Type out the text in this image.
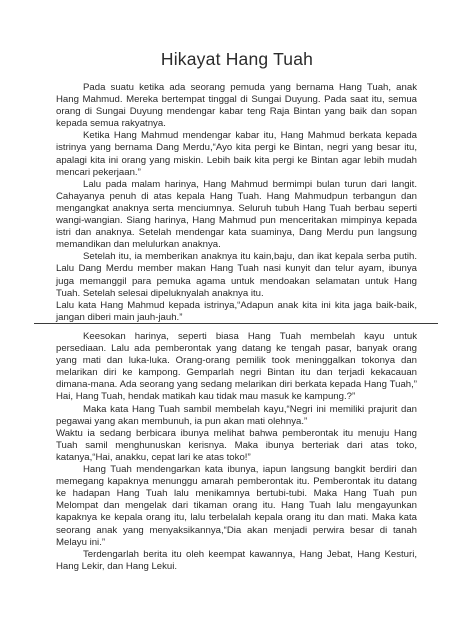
Hikayat Hang Tuah

Pada suatu ketika ada seorang pemuda yang bernama Hang Tuah, anak Hang Mahmud. Mereka bertempat tinggal di Sungai Duyung. Pada saat itu, semua orang di Sungai Duyung mendengar kabar teng Raja Bintan yang baik dan sopan kepada semua rakyatnya.

Ketika Hang Mahmud mendengar kabar itu, Hang Mahmud berkata kepada istrinya yang bernama Dang Merdu,“Ayo kita pergi ke Bintan, negri yang besar itu, apalagi kita ini orang yang miskin. Lebih baik kita pergi ke Bintan agar lebih mudah mencari pekerjaan.”

Lalu pada malam harinya, Hang Mahmud bermimpi bulan turun dari langit. Cahayanya penuh di atas kepala Hang Tuah. Hang Mahmudpun terbangun dan mengangkat anaknya serta menciumnya. Seluruh tubuh Hang Tuah berbau seperti wangi-wangian. Siang harinya, Hang Mahmud pun menceritakan mimpinya kepada istri dan anaknya. Setelah mendengar kata suaminya, Dang Merdu pun langsung memandikan dan melulurkan anaknya.

Setelah itu, ia memberikan anaknya itu kain,baju, dan ikat kepala serba putih. Lalu Dang Merdu member makan Hang Tuah nasi kunyit dan telur ayam, ibunya juga memanggil para pemuka agama untuk mendoakan selamatan untuk Hang Tuah. Setelah selesai dipeluknyalah anaknya itu.

Lalu kata Hang Mahmud kepada istrinya,“Adapun anak kita ini kita jaga baik-baik, jangan diberi main jauh-jauh.”

Keesokan harinya, seperti biasa Hang Tuah membelah kayu untuk persediaan. Lalu ada pemberontak yang datang ke tengah pasar, banyak orang yang mati dan luka-luka. Orang-orang pemilik took meninggalkan tokonya dan melarikan diri ke kampong. Gemparlah negri Bintan itu dan terjadi kekacauan dimana-mana. Ada seorang yang sedang melarikan diri berkata kepada Hang Tuah,” Hai, Hang Tuah, hendak matikah kau tidak mau masuk ke kampung.?”

Maka kata Hang Tuah sambil membelah kayu,“Negri ini memiliki prajurit dan pegawai yang akan membunuh, ia pun akan mati olehnya.”

Waktu ia sedang berbicara ibunya melihat bahwa pemberontak itu menuju Hang Tuah samil menghunuskan kerisnya. Maka ibunya berteriak dari atas toko, katanya,“Hai, anakku, cepat lari ke atas toko!”

Hang Tuah mendengarkan kata ibunya, iapun langsung bangkit berdiri dan memegang kapaknya menunggu amarah pemberontak itu. Pemberontak itu datang ke hadapan Hang Tuah lalu menikamnya bertubi-tubi. Maka Hang Tuah pun Melompat dan mengelak dari tikaman orang itu. Hang Tuah lalu mengayunkan kapaknya ke kepala orang itu, lalu terbelalah kepala orang itu dan mati. Maka kata seorang anak yang menyaksikannya,“Dia akan menjadi perwira besar di tanah Melayu ini.”

Terdengarlah berita itu oleh keempat kawannya, Hang Jebat, Hang Kesturi, Hang Lekir, dan Hang Lekui.
